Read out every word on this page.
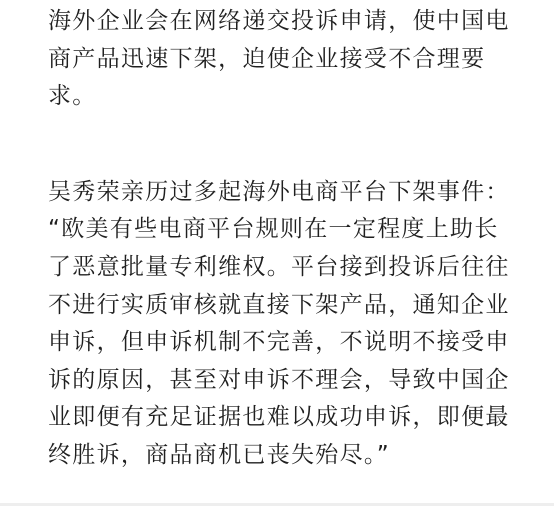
海外企业会在网络递交投诉申请，使中国电商产品迅速下架，迫使企业接受不合理要求。

吴秀荣亲历过多起海外电商平台下架事件：

“欧美有些电商平台规则在一定程度上助长了恶意批量专利维权。平台接到投诉后往往不进行实质审核就直接下架产品，通知企业申诉，但申诉机制不完善，不说明不接受申诉的原因，甚至对申诉不理会，导致中国企业即便有充足证据也难以成功申诉，即便最终胜诉，商品商机已丧失殆尽。”
